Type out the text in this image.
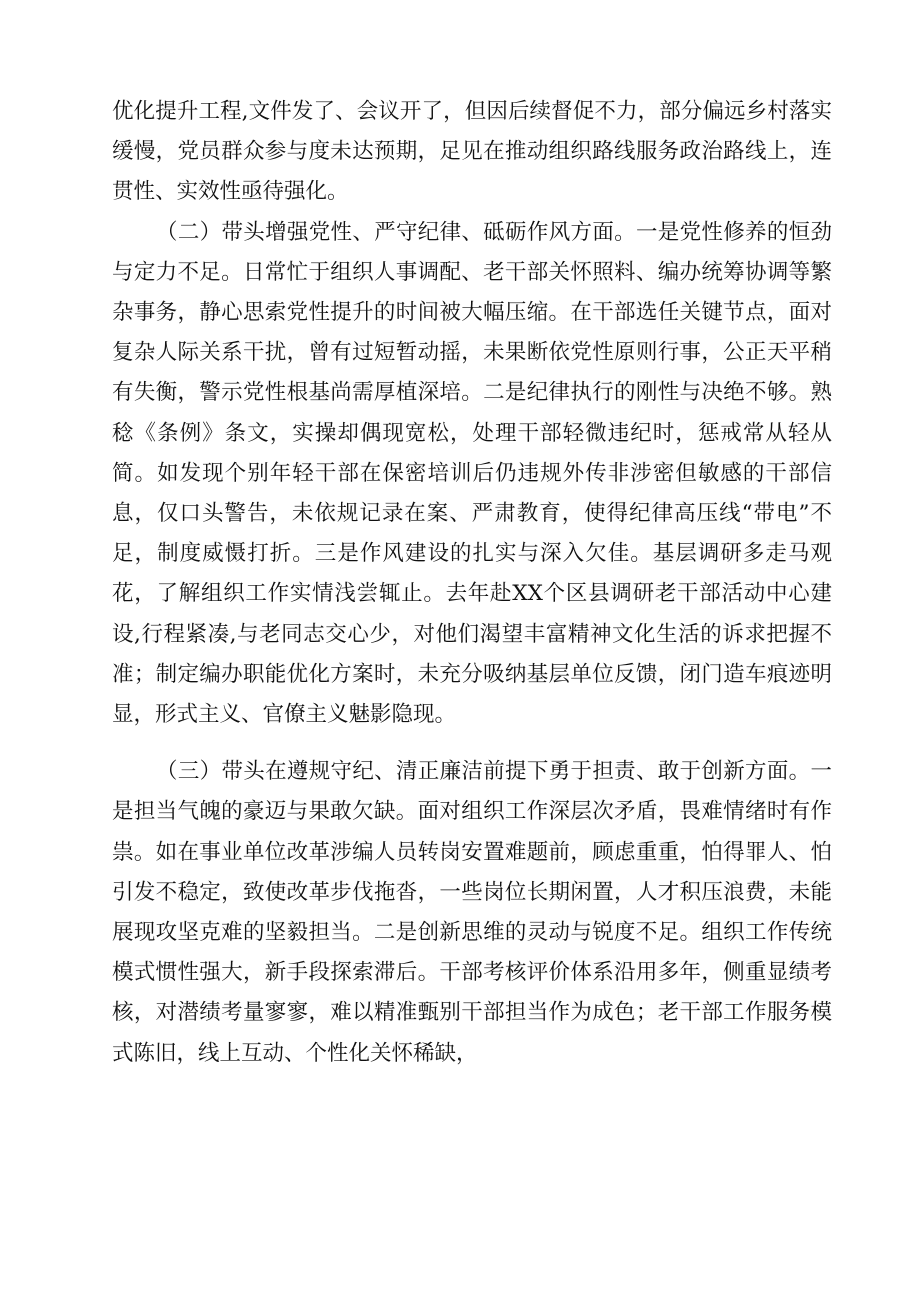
优化提升工程,文件发了、会议开了，但因后续督促不力，部分偏远乡村落实缓慢，党员群众参与度未达预期，足见在推动组织路线服务政治路线上，连贯性、实效性亟待强化。

（二）带头增强党性、严守纪律、砥砺作风方面。一是党性修养的恒劲与定力不足。日常忙于组织人事调配、老干部关怀照料、编办统筹协调等繁杂事务，静心思索党性提升的时间被大幅压缩。在干部选任关键节点，面对复杂人际关系干扰，曾有过短暂动摇，未果断依党性原则行事，公正天平稍有失衡，警示党性根基尚需厚植深培。二是纪律执行的刚性与决绝不够。熟稔《条例》条文，实操却偶现宽松，处理干部轻微违纪时，惩戒常从轻从简。如发现个别年轻干部在保密培训后仍违规外传非涉密但敏感的干部信息，仅口头警告，未依规记录在案、严肃教育，使得纪律高压线“带电”不足，制度威慑打折。三是作风建设的扎实与深入欠佳。基层调研多走马观花，了解组织工作实情浅尝辄止。去年赴XX个区县调研老干部活动中心建设,行程紧凑,与老同志交心少，对他们渴望丰富精神文化生活的诉求把握不准；制定编办职能优化方案时，未充分吸纳基层单位反馈，闭门造车痕迹明显，形式主义、官僚主义魅影隐现。

（三）带头在遵规守纪、清正廉洁前提下勇于担责、敢于创新方面。一是担当气魄的豪迈与果敢欠缺。面对组织工作深层次矛盾，畏难情绪时有作祟。如在事业单位改革涉编人员转岗安置难题前，顾虑重重，怕得罪人、怕引发不稳定，致使改革步伐拖沓，一些岗位长期闲置，人才积压浪费，未能展现攻坚克难的坚毅担当。二是创新思维的灵动与锐度不足。组织工作传统模式惯性强大，新手段探索滞后。干部考核评价体系沿用多年，侧重显绩考核，对潜绩考量寥寥，难以精准甄别干部担当作为成色；老干部工作服务模式陈旧，线上互动、个性化关怀稀缺，
